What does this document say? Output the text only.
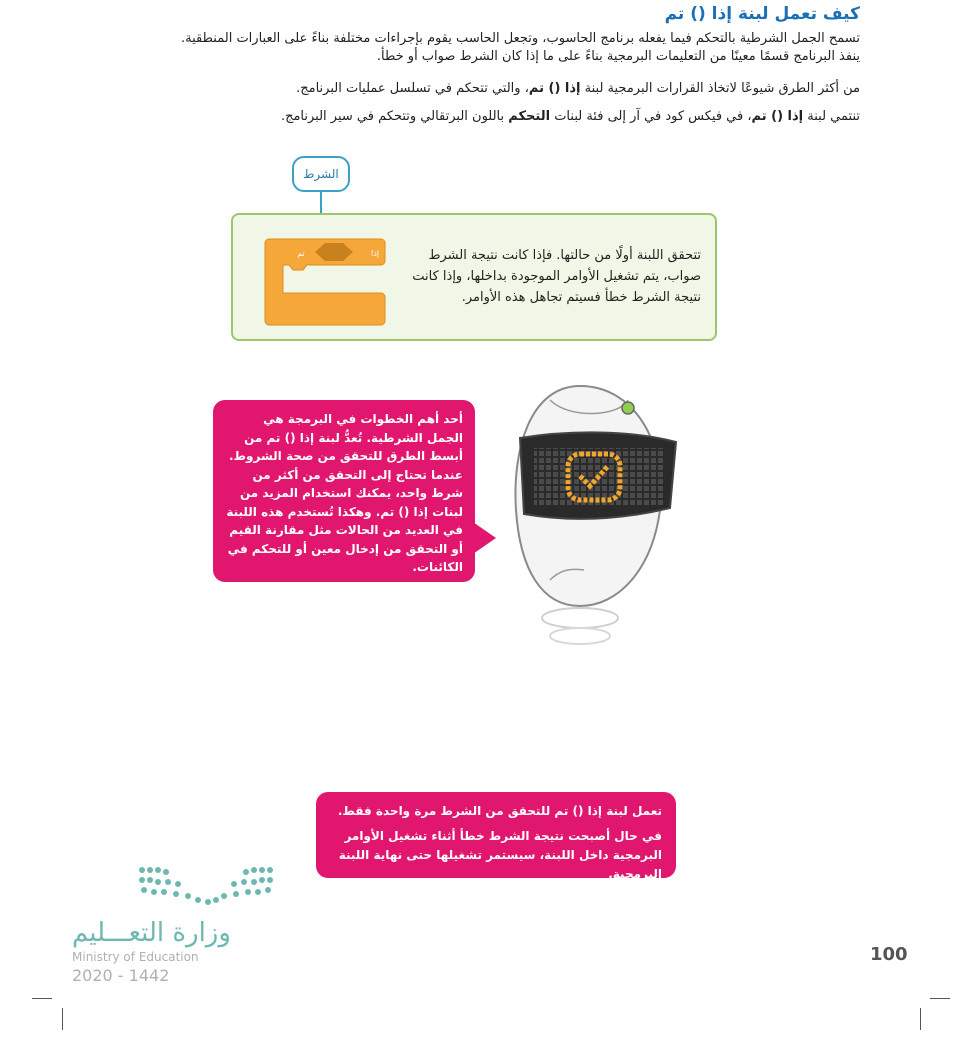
كيف تعمل لبنة إذا () تم
تسمح الجمل الشرطية بالتحكم فيما يفعله برنامج الحاسوب، وتجعل الحاسب يقوم بإجراءات مختلفة بناءً على العبارات المنطقية.
ينفذ البرنامج قسمًا معينًا من التعليمات البرمجية بناءً على ما إذا كان الشرط صواب أو خطأ.
من أكثر الطرق شيوعًا لاتخاذ القرارات البرمجية لبنة إذا () تم، والتي تتحكم في تسلسل عمليات البرنامج.
تنتمي لبنة إذا () تم، في فيكس كود في آر إلى فئة لبنات التحكم باللون البرتقالي وتتحكم في سير البرنامج.
الشرط
إذا
تم	تتحقق اللبنة أولًا من حالتها. فإذا كانت نتيجة الشرط صواب، يتم تشغيل الأوامر الموجودة بداخلها، وإذا كانت نتيجة الشرط خطأ فسيتم تجاهل هذه الأوامر.
أحد أهم الخطوات في البرمجة هي الجمل الشرطية. تُعدُّ لبنة إذا () تم من أبسط الطرق للتحقق من صحة الشروط. عندما تحتاج إلى التحقق من أكثر من شرط واحد، يمكنك استخدام المزيد من لبنات إذا () تم. وهكذا تُستخدم هذه اللبنة في العديد من الحالات مثل مقارنة القيم أو التحقق من إدخال معين أو للتحكم في الكائنات.

تعمل لبنة إذا () تم للتحقق من الشرط مرة واحدة فقط.

في حال أصبحت نتيجة الشرط خطأ أثناء تشغيل الأوامر البرمجية داخل اللبنة، سيستمر تشغيلها حتى نهاية اللبنة البرمجية.

وزارة التعـــليم
Ministry of Education
2020 - 1442
100
